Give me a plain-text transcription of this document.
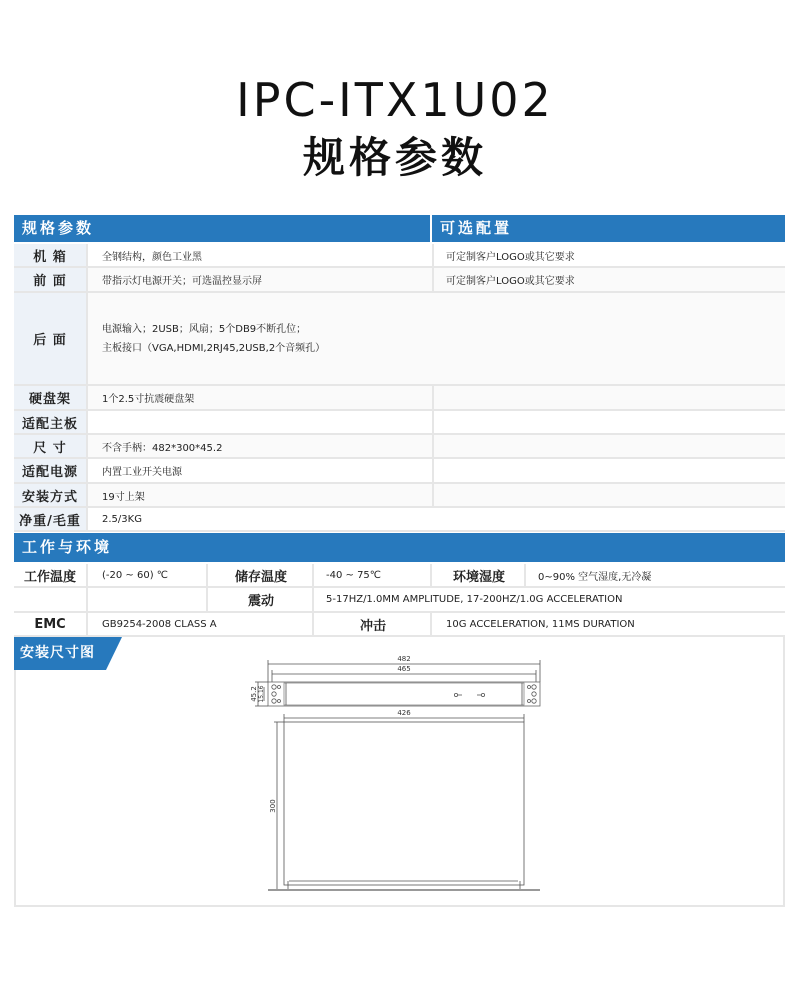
IPC-ITX1U02
规格参数
规格参数	可选配置
机 箱	全钢结构，颜色工业黑	可定制客户LOGO或其它要求
前 面	带指示灯电源开关；可选温控显示屏	可定制客户LOGO或其它要求
后 面
电源输入；2USB；风扇；5个DB9不断孔位；
主板接口（VGA,HDMI,2RJ45,2USB,2个音频孔）
硬盘架	1个2.5寸抗震硬盘架
适配主板
尺 寸	不含手柄：482*300*45.2
适配电源	内置工业开关电源
安装方式	19寸上架
净重/毛重	2.5/3KG
工作与环境
工作温度	(-20 ~ 60) ℃	储存温度	-40 ~ 75℃	环境湿度	0~90% 空气湿度,无冷凝
震动	5-17HZ/1.0MM AMPLITUDE, 17-200HZ/1.0G ACCELERATION
EMC	GB9254-2008 CLASS A	冲击	10G ACCELERATION, 11MS DURATION
安装尺寸图	482
465
426
45.2 15.16
300
